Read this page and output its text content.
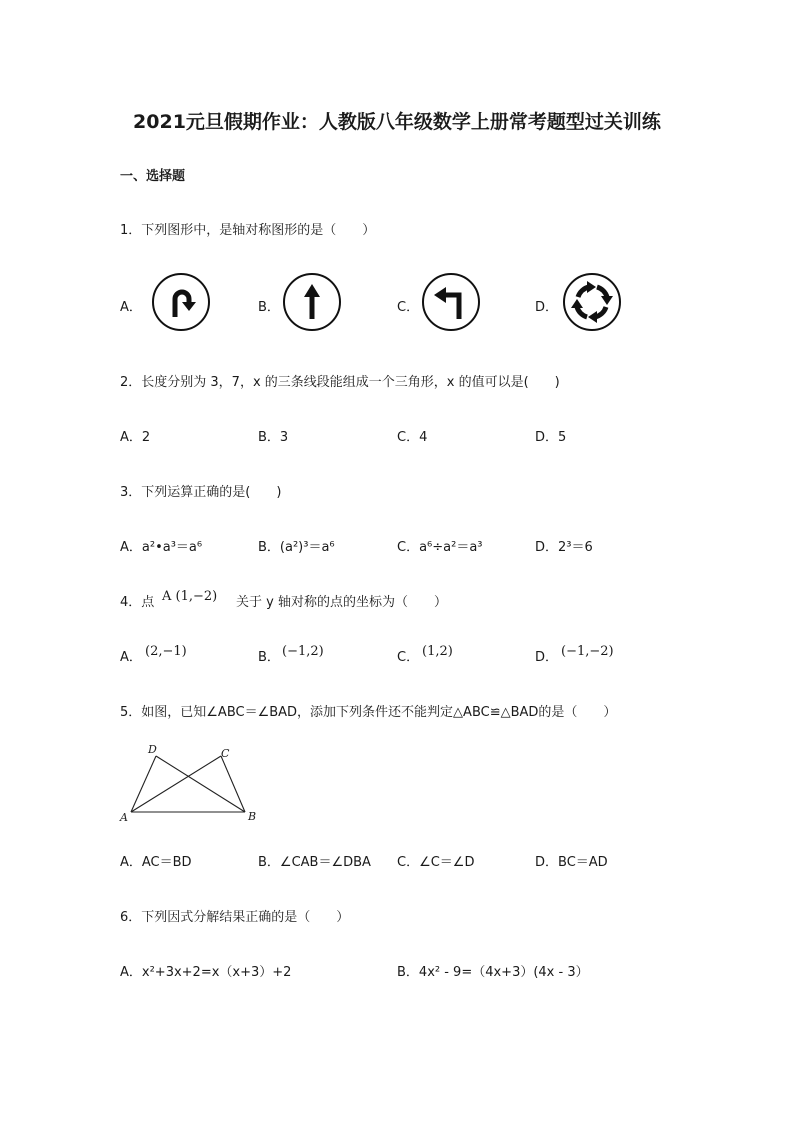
2021元旦假期作业：人教版八年级数学上册常考题型过关训练
一、选择题
1．下列图形中，是轴对称图形的是（　　）
A．	B．	C．	D．
2．长度分别为 3，7，x 的三条线段能组成一个三角形，x 的值可以是(　　)
A．2	B．3	C．4	D．5
3．下列运算正确的是(　　)
A．a²•a³＝a⁶	B．(a²)³＝a⁶	C．a⁶÷a²＝a³	D．2³＝6
4．点 A (1,−2) 关于 y 轴对称的点的坐标为（　　）
A． (2,−1)	B． (−1,2)	C． (1,2)	D． (−1,−2)
5．如图，已知∠ABC＝∠BAD，添加下列条件还不能判定△ABC≌△BAD的是（　　）
A	B
C
D
A．AC＝BD	B．∠CAB＝∠DBA C．∠C＝∠D	D．BC＝AD
6．下列因式分解结果正确的是（　　）
A．x²+3x+2=x（x+3）+2	B．4x² - 9=（4x+3）(4x - 3）
